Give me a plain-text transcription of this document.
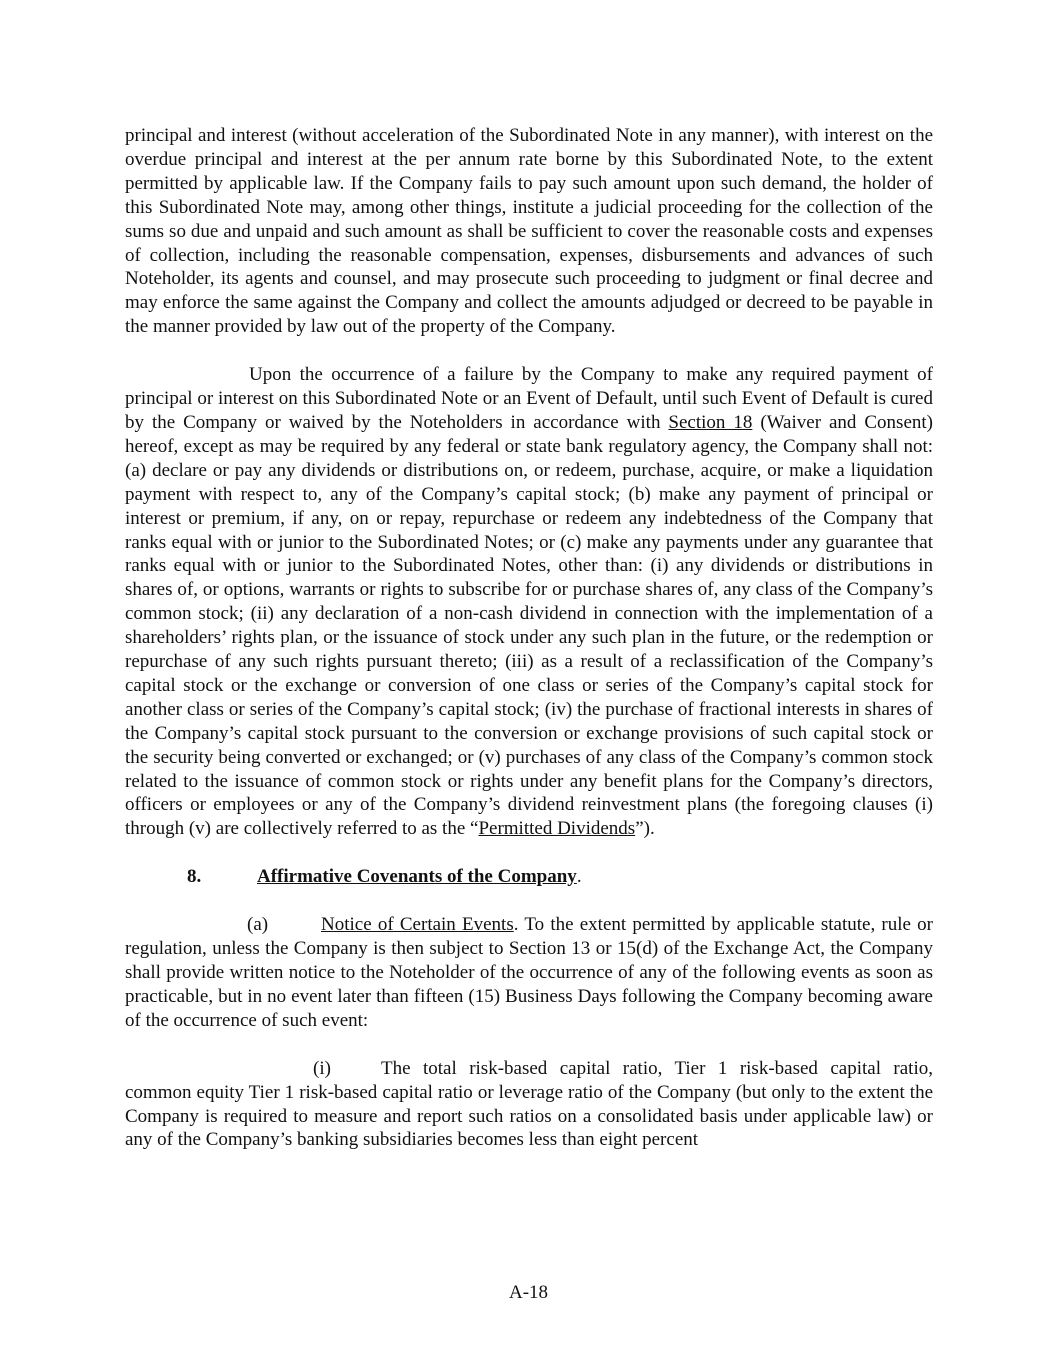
principal and interest (without acceleration of the Subordinated Note in any manner), with interest on the overdue principal and interest at the per annum rate borne by this Subordinated Note, to the extent permitted by applicable law. If the Company fails to pay such amount upon such demand, the holder of this Subordinated Note may, among other things, institute a judicial proceeding for the collection of the sums so due and unpaid and such amount as shall be sufficient to cover the reasonable costs and expenses of collection, including the reasonable compensation, expenses, disbursements and advances of such Noteholder, its agents and counsel, and may prosecute such proceeding to judgment or final decree and may enforce the same against the Company and collect the amounts adjudged or decreed to be payable in the manner provided by law out of the property of the Company.

Upon the occurrence of a failure by the Company to make any required payment of principal or interest on this Subordinated Note or an Event of Default, until such Event of Default is cured by the Company or waived by the Noteholders in accordance with Section 18 (Waiver and Consent) hereof, except as may be required by any federal or state bank regulatory agency, the Company shall not: (a) declare or pay any dividends or distributions on, or redeem, purchase, acquire, or make a liquidation payment with respect to, any of the Company’s capital stock; (b) make any payment of principal or interest or premium, if any, on or repay, repurchase or redeem any indebtedness of the Company that ranks equal with or junior to the Subordinated Notes; or (c) make any payments under any guarantee that ranks equal with or junior to the Subordinated Notes, other than: (i) any dividends or distributions in shares of, or options, warrants or rights to subscribe for or purchase shares of, any class of the Company’s common stock; (ii) any declaration of a non-cash dividend in connection with the implementation of a shareholders’ rights plan, or the issuance of stock under any such plan in the future, or the redemption or repurchase of any such rights pursuant thereto; (iii) as a result of a reclassification of the Company’s capital stock or the exchange or conversion of one class or series of the Company’s capital stock for another class or series of the Company’s capital stock; (iv) the purchase of fractional interests in shares of the Company’s capital stock pursuant to the conversion or exchange provisions of such capital stock or the security being converted or exchanged; or (v) purchases of any class of the Company’s common stock related to the issuance of common stock or rights under any benefit plans for the Company’s directors, officers or employees or any of the Company’s dividend reinvestment plans (the foregoing clauses (i) through (v) are collectively referred to as the “Permitted Dividends”).

8.	Affirmative Covenants of the Company.

(a)	Notice of Certain Events. To the extent permitted by applicable statute, rule or regulation, unless the Company is then subject to Section 13 or 15(d) of the Exchange Act, the Company shall provide written notice to the Noteholder of the occurrence of any of the following events as soon as practicable, but in no event later than fifteen (15) Business Days following the Company becoming aware of the occurrence of such event:

(i)	The total risk-based capital ratio, Tier 1 risk-based capital ratio, common equity Tier 1 risk-based capital ratio or leverage ratio of the Company (but only to the extent the Company is required to measure and report such ratios on a consolidated basis under applicable law) or any of the Company’s banking subsidiaries becomes less than eight percent

A-18
